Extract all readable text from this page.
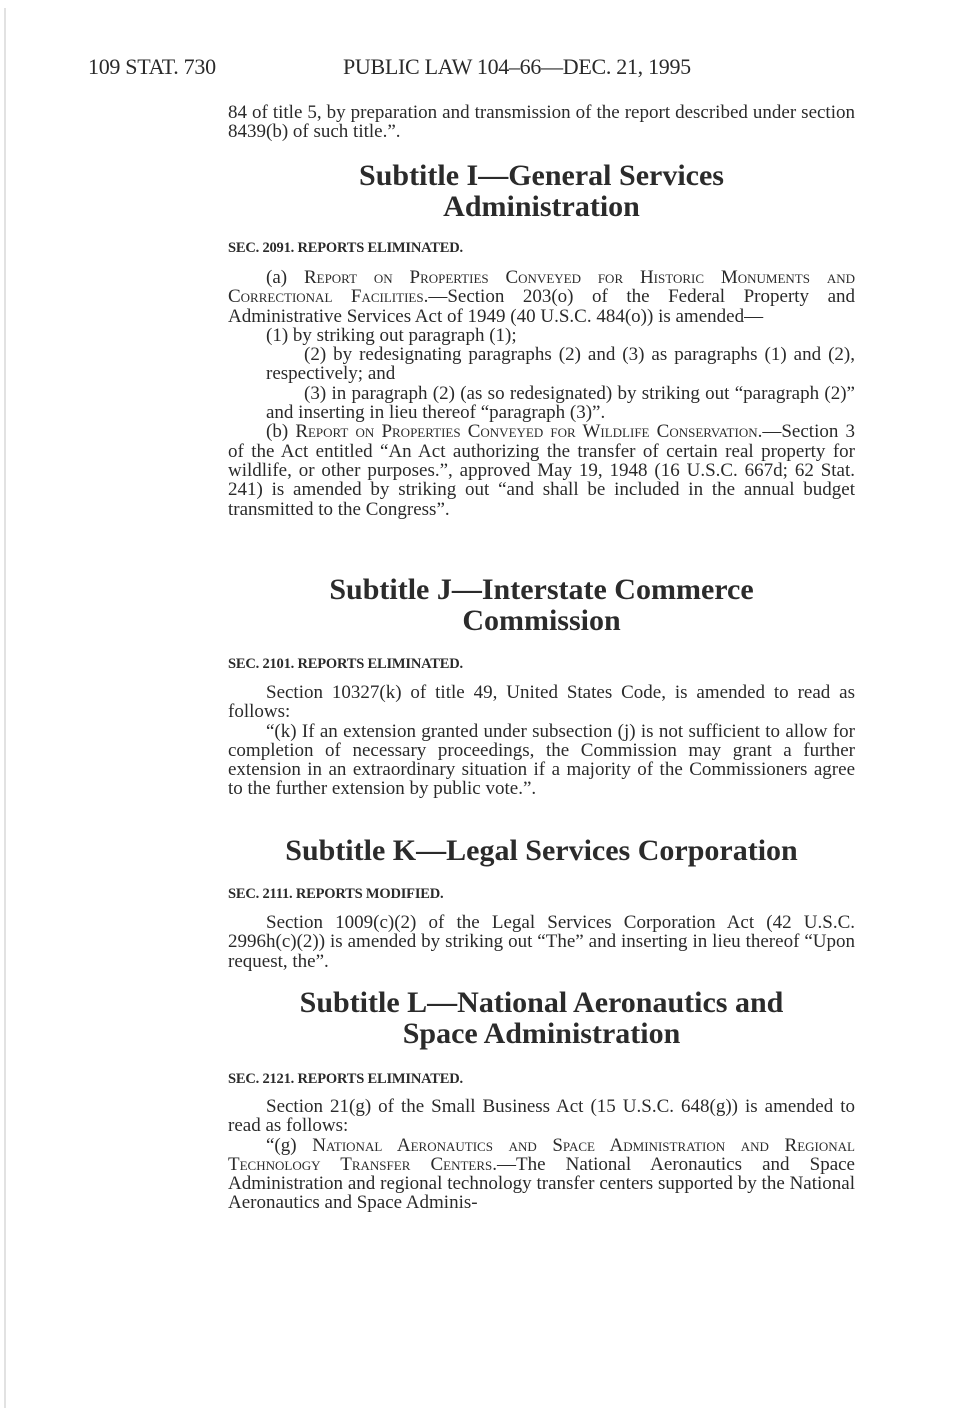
109 STAT. 730	PUBLIC LAW 104–66—DEC. 21, 1995

84 of title 5, by preparation and transmission of the report described under section 8439(b) of such title.”.

Subtitle I—General Services
Administration
SEC. 2091. REPORTS ELIMINATED.

(a) Report on Properties Conveyed for Historic Monuments and Correctional Facilities.—Section 203(o) of the Federal Property and Administrative Services Act of 1949 (40 U.S.C. 484(o)) is amended—

(1) by striking out paragraph (1);

(2) by redesignating paragraphs (2) and (3) as paragraphs (1) and (2), respectively; and

(3) in paragraph (2) (as so redesignated) by striking out “paragraph (2)” and inserting in lieu thereof “paragraph (3)”.

(b) Report on Properties Conveyed for Wildlife Conservation.—Section 3 of the Act entitled “An Act authorizing the transfer of certain real property for wildlife, or other purposes.”, approved May 19, 1948 (16 U.S.C. 667d; 62 Stat. 241) is amended by striking out “and shall be included in the annual budget transmitted to the Congress”.

Subtitle J—Interstate Commerce
Commission
SEC. 2101. REPORTS ELIMINATED.

Section 10327(k) of title 49, United States Code, is amended to read as follows:

“(k) If an extension granted under subsection (j) is not sufficient to allow for completion of necessary proceedings, the Commission may grant a further extension in an extraordinary situation if a majority of the Commissioners agree to the further extension by public vote.”.

Subtitle K—Legal Services Corporation
SEC. 2111. REPORTS MODIFIED.

Section 1009(c)(2) of the Legal Services Corporation Act (42 U.S.C. 2996h(c)(2)) is amended by striking out “The” and inserting in lieu thereof “Upon request, the”.

Subtitle L—National Aeronautics and
Space Administration
SEC. 2121. REPORTS ELIMINATED.

Section 21(g) of the Small Business Act (15 U.S.C. 648(g)) is amended to read as follows:

“(g) National Aeronautics and Space Administration and Regional Technology Transfer Centers.—The National Aeronautics and Space Administration and regional technology transfer centers supported by the National Aeronautics and Space Adminis-
